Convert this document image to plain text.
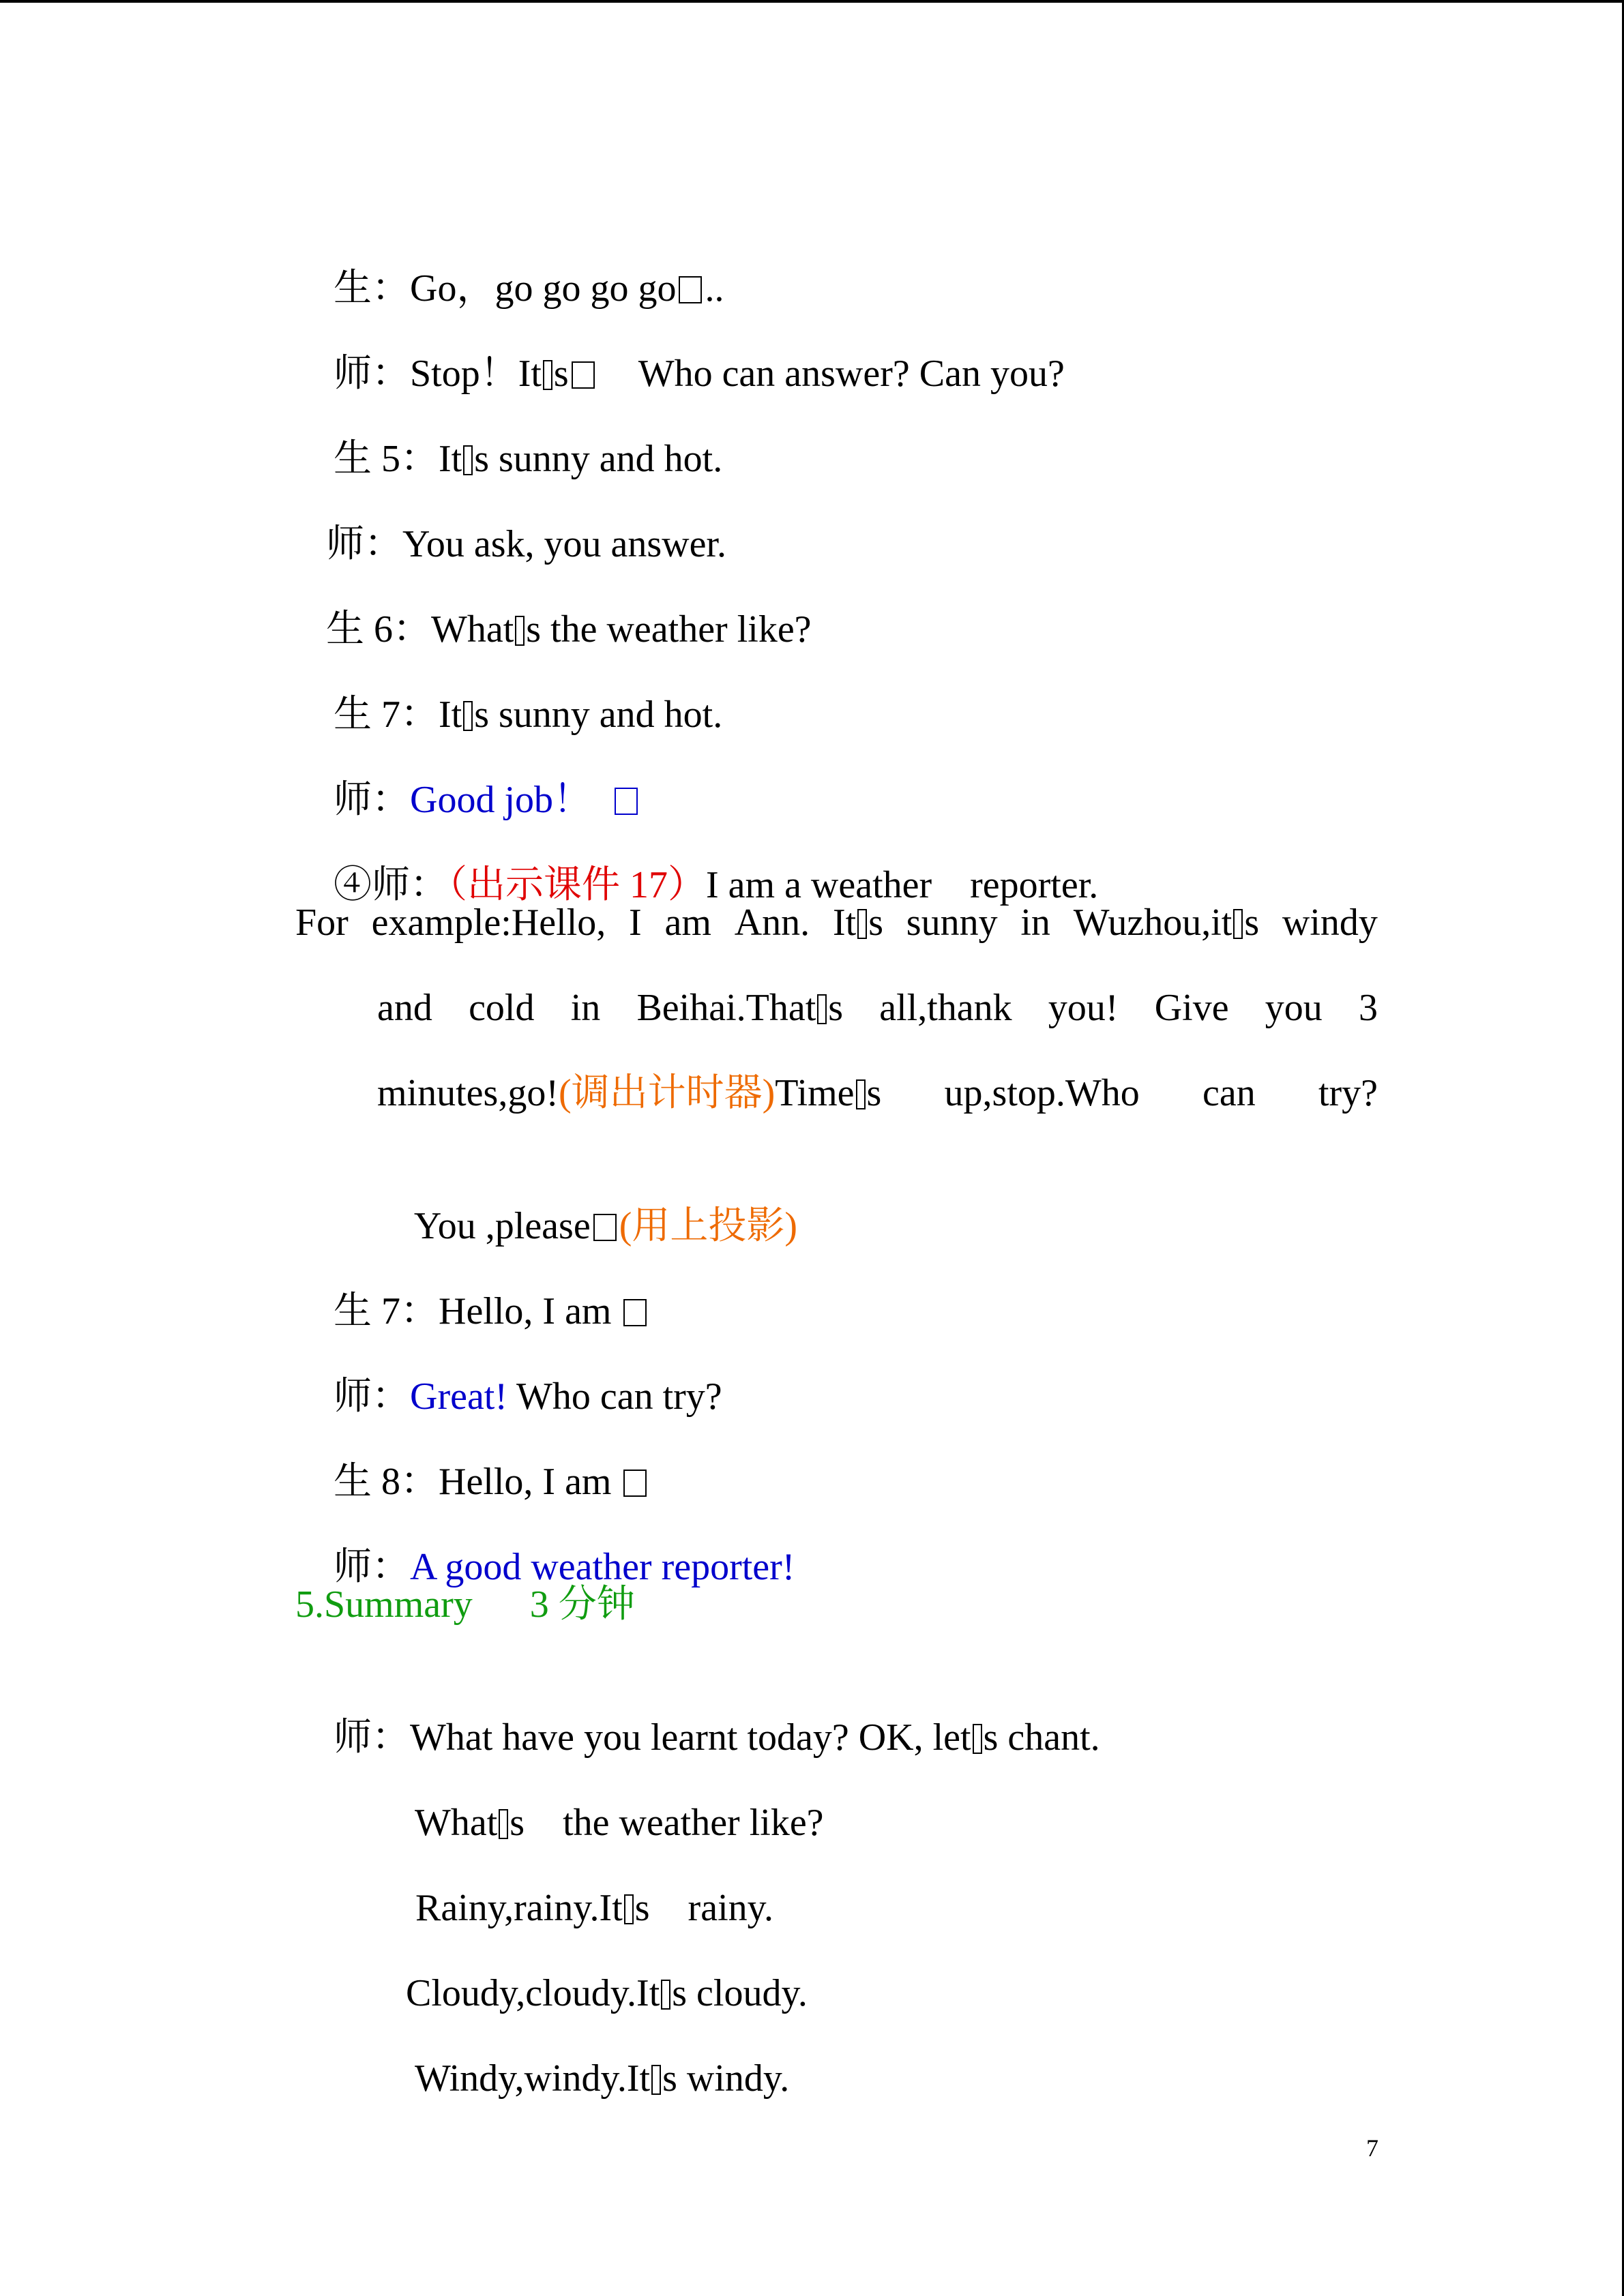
生：Go，go go go go ..

师：Stop！It s Who can answer? Can you?

生 5：It s sunny and hot.

师：You ask, you answer.

生 6：What s the weather like?

生 7：It s sunny and hot.

师：Good job！

④师：（出示课件 17）I am a weather    reporter.

For example:Hello, I am Ann. It s sunny in Wuzhou,it s windy
and cold in Beihai.That s all,thank you! Give you 3
minutes,go!(调出计时器)Time s up,stop.Who can try?

You ,please (用上投影)

生 7：Hello, I am

师：Great! Who can try?

生 8：Hello, I am

师：A good weather reporter!

5.Summary      3 分钟

师：What have you learnt today? OK, let s chant.

What s    the weather like?

Rainy,rainy.It s    rainy.

Cloudy,cloudy.It s cloudy.

Windy,windy.It s windy.

7
